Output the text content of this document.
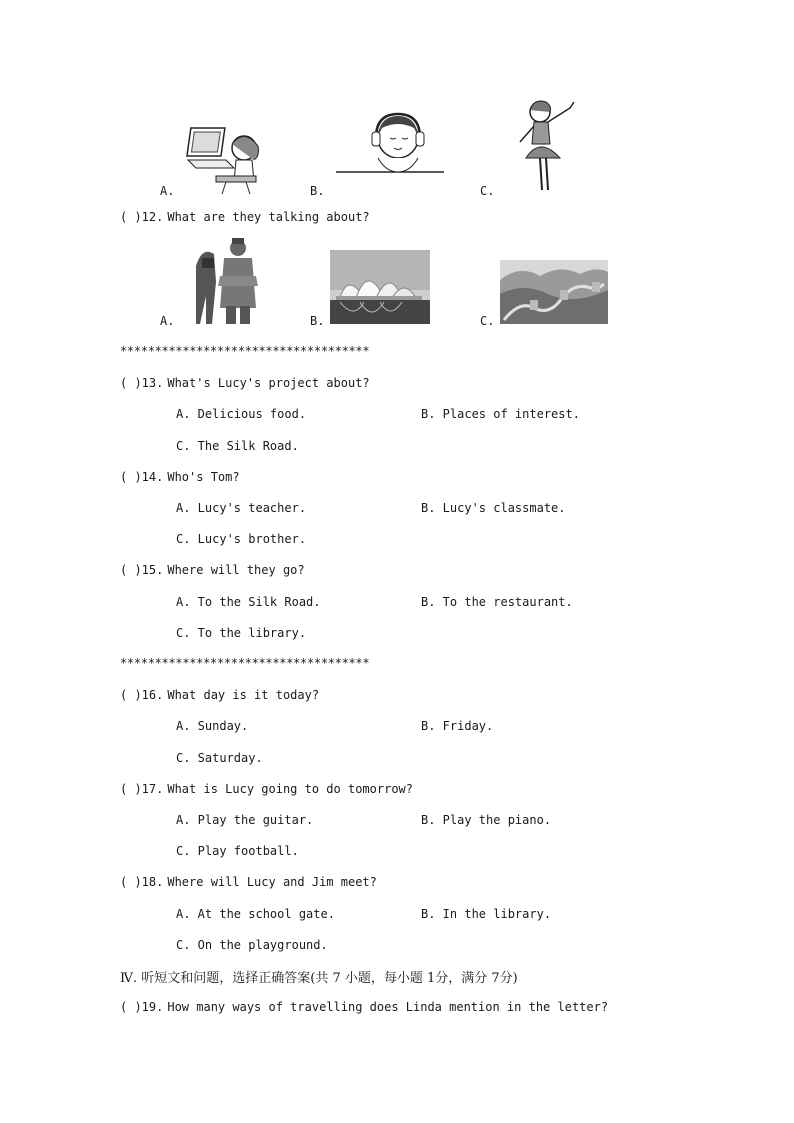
A.	B.	C.
( )12. What are they talking about?
A.	B.	C.
************************************
( )13. What's Lucy's project about?
A. Delicious food.	B. Places of interest.
C. The Silk Road.
( )14. Who's Tom?
A. Lucy's teacher.	B. Lucy's classmate.
C. Lucy's brother.
( )15. Where will they go?
A. To the Silk Road.	B. To the restaurant.
C. To the library.
************************************
( )16. What day is it today?
A. Sunday.	B. Friday.
C. Saturday.
( )17. What is Lucy going to do tomorrow?
A. Play the guitar.	B. Play the piano.
C. Play football.
( )18. Where will Lucy and Jim meet?
A. At the school gate.	B. In the library.
C. On the playground.
Ⅳ. 听短文和问题，选择正确答案(共 7 小题，每小题 1分，满分 7分)
( )19. How many ways of travelling does Linda mention in the letter?
